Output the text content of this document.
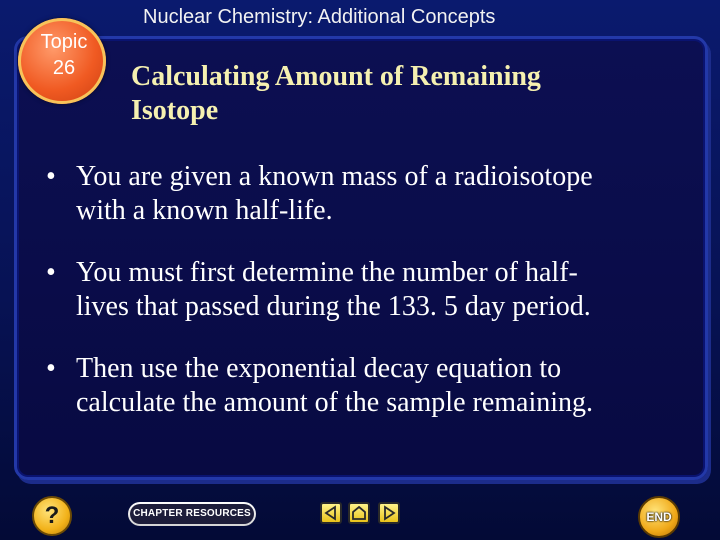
Topic
26
Nuclear Chemistry: Additional Concepts
Calculating Amount of Remaining
Isotope
• You are given a known mass of a radioisotope
with a known half-life.
• You must first determine the number of half-
lives that passed during the 133. 5 day period.
• Then use the exponential decay equation to
calculate the amount of the sample remaining.
?	CHAPTER RESOURCES	END
